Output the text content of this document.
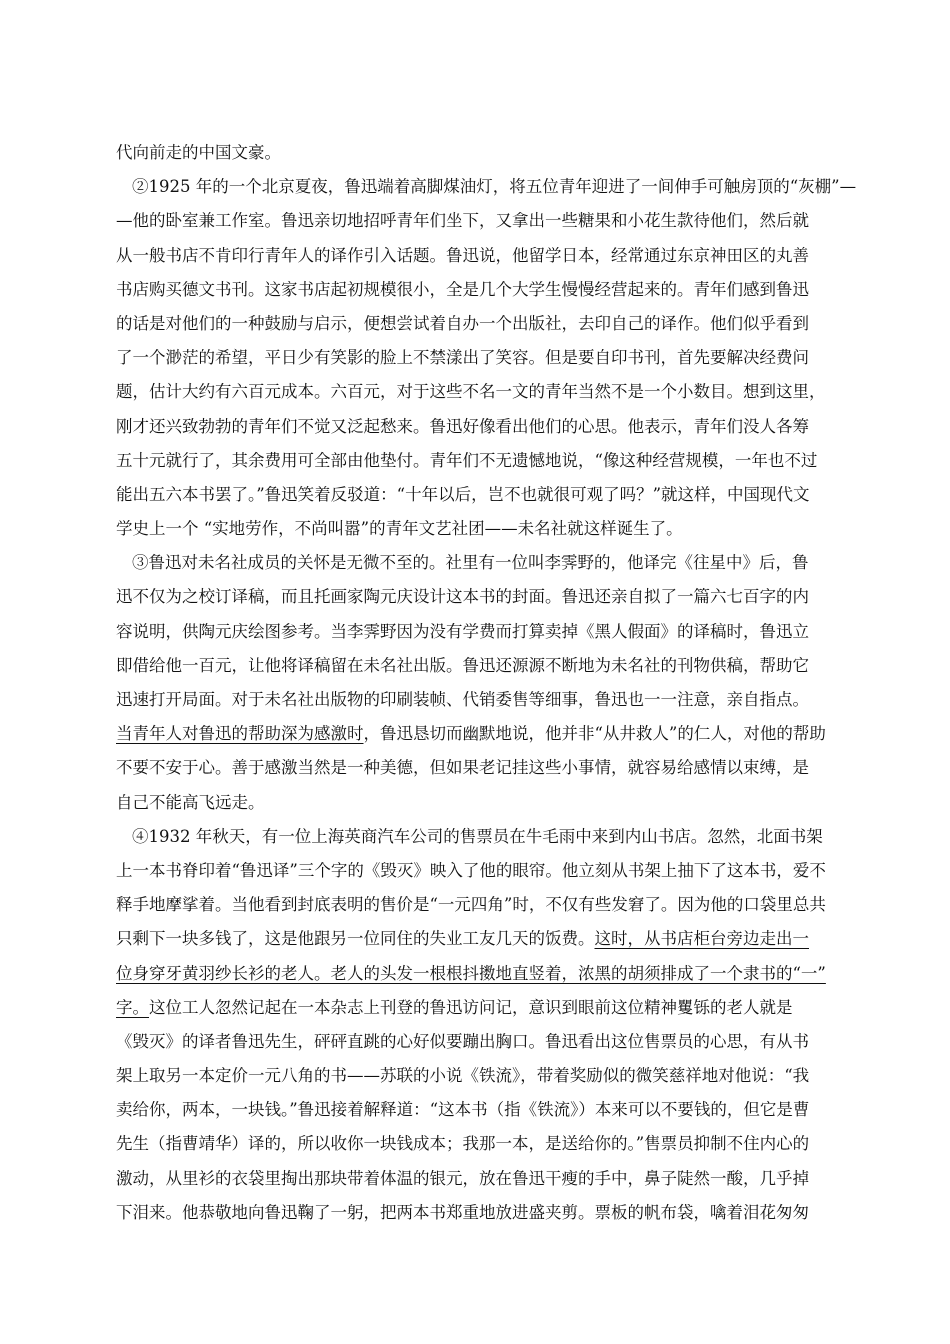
代向前走的中国文豪。
②1925 年的一个北京夏夜，鲁迅端着高脚煤油灯，将五位青年迎进了一间伸手可触房顶的“灰棚”—
—他的卧室兼工作室。鲁迅亲切地招呼青年们坐下，又拿出一些糖果和小花生款待他们，然后就
从一般书店不肯印行青年人的译作引入话题。鲁迅说，他留学日本，经常通过东京神田区的丸善
书店购买德文书刊。这家书店起初规模很小，全是几个大学生慢慢经营起来的。青年们感到鲁迅
的话是对他们的一种鼓励与启示，便想尝试着自办一个出版社，去印自己的译作。他们似乎看到
了一个渺茫的希望，平日少有笑影的脸上不禁漾出了笑容。但是要自印书刊，首先要解决经费问
题，估计大约有六百元成本。六百元，对于这些不名一文的青年当然不是一个小数目。想到这里，
刚才还兴致勃勃的青年们不觉又泛起愁来。鲁迅好像看出他们的心思。他表示，青年们没人各筹
五十元就行了，其余费用可全部由他垫付。青年们不无遗憾地说，“像这种经营规模，一年也不过
能出五六本书罢了。”鲁迅笑着反驳道：“十年以后，岂不也就很可观了吗？”就这样，中国现代文
学史上一个 “实地劳作，不尚叫嚣”的青年文艺社团——未名社就这样诞生了。
③鲁迅对未名社成员的关怀是无微不至的。社里有一位叫李霁野的，他译完《往星中》后，鲁
迅不仅为之校订译稿，而且托画家陶元庆设计这本书的封面。鲁迅还亲自拟了一篇六七百字的内
容说明，供陶元庆绘图参考。当李霁野因为没有学费而打算卖掉《黑人假面》的译稿时，鲁迅立
即借给他一百元，让他将译稿留在未名社出版。鲁迅还源源不断地为未名社的刊物供稿，帮助它
迅速打开局面。对于未名社出版物的印刷装帧、代销委售等细事，鲁迅也一一注意，亲自指点。
当青年人对鲁迅的帮助深为感激时，鲁迅恳切而幽默地说，他并非“从井救人”的仁人，对他的帮助
不要不安于心。善于感激当然是一种美德，但如果老记挂这些小事情，就容易给感情以束缚，是
自己不能高飞远走。
④1932 年秋天，有一位上海英商汽车公司的售票员在牛毛雨中来到内山书店。忽然，北面书架
上一本书脊印着“鲁迅译”三个字的《毁灭》映入了他的眼帘。他立刻从书架上抽下了这本书，爱不
释手地摩挲着。当他看到封底表明的售价是“一元四角”时，不仅有些发窘了。因为他的口袋里总共
只剩下一块多钱了，这是他跟另一位同住的失业工友几天的饭费。这时，从书店柜台旁边走出一
位身穿牙黄羽纱长衫的老人。老人的头发一根根抖擞地直竖着，浓黑的胡须排成了一个隶书的“一”
字。这位工人忽然记起在一本杂志上刊登的鲁迅访问记，意识到眼前这位精神矍铄的老人就是
《毁灭》的译者鲁迅先生，砰砰直跳的心好似要蹦出胸口。鲁迅看出这位售票员的心思，有从书
架上取另一本定价一元八角的书——苏联的小说《铁流》，带着奖励似的微笑慈祥地对他说：“我
卖给你，两本，一块钱。”鲁迅接着解释道：“这本书（指《铁流》）本来可以不要钱的，但它是曹
先生（指曹靖华）译的，所以收你一块钱成本；我那一本，是送给你的。”售票员抑制不住内心的
激动，从里衫的衣袋里掏出那块带着体温的银元，放在鲁迅干瘦的手中，鼻子陡然一酸，几乎掉
下泪来。他恭敬地向鲁迅鞠了一躬，把两本书郑重地放进盛夹剪。票板的帆布袋，噙着泪花匆匆
